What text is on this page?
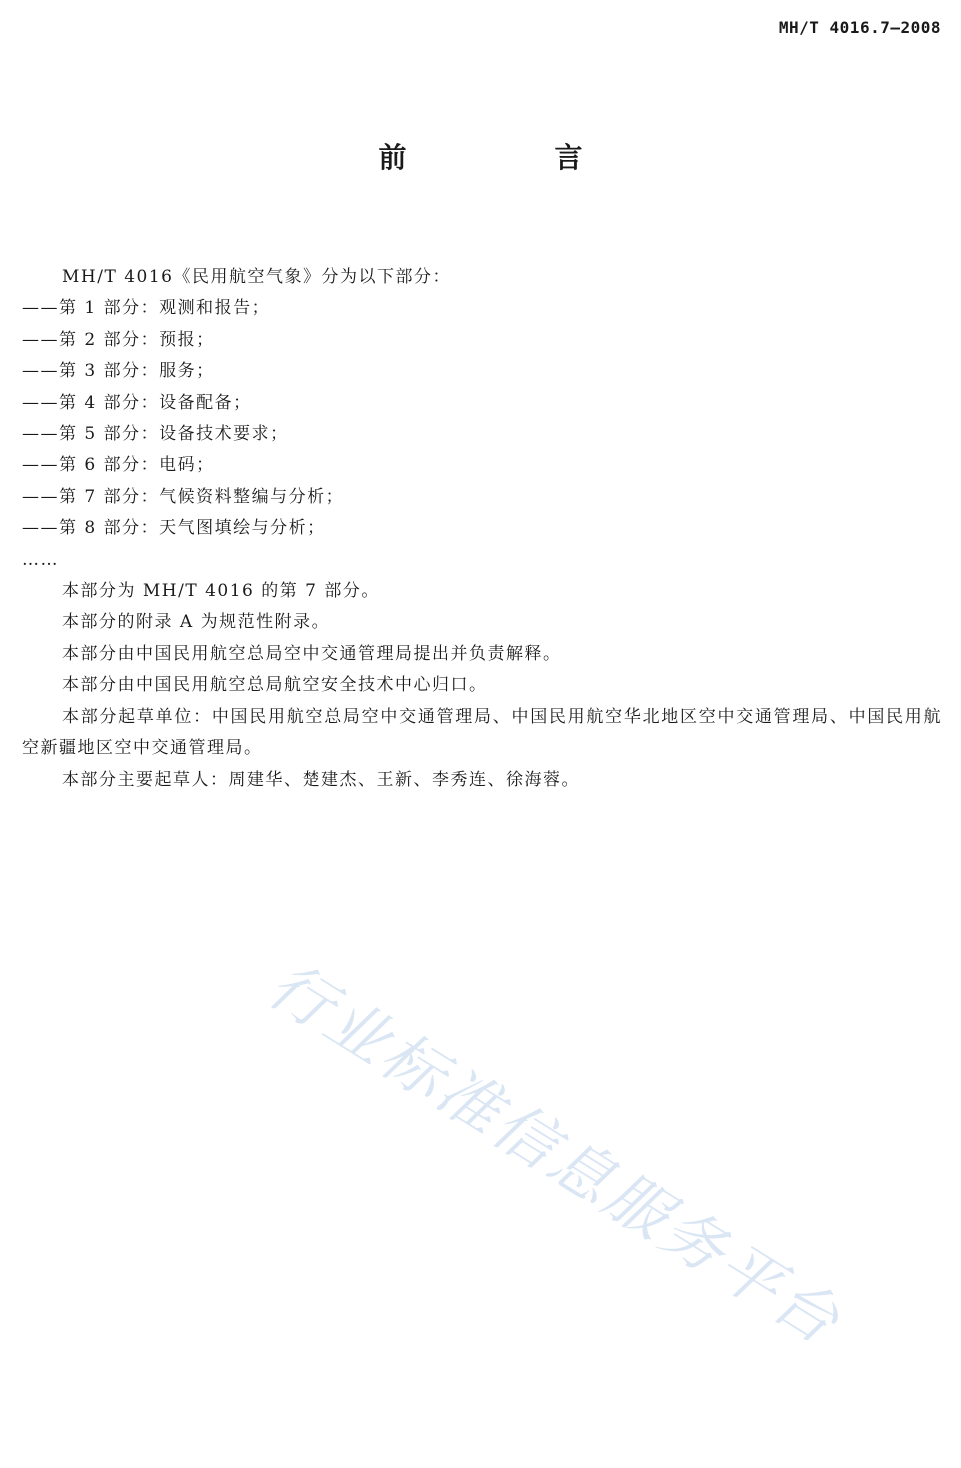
MH/T 4016.7—2008
前　言

MH/T 4016《民用航空气象》分为以下部分：

——第 1 部分：观测和报告；

——第 2 部分：预报；

——第 3 部分：服务；

——第 4 部分：设备配备；

——第 5 部分：设备技术要求；

——第 6 部分：电码；

——第 7 部分：气候资料整编与分析；

——第 8 部分：天气图填绘与分析；

……

本部分为 MH/T 4016 的第 7 部分。

本部分的附录 A 为规范性附录。

本部分由中国民用航空总局空中交通管理局提出并负责解释。

本部分由中国民用航空总局航空安全技术中心归口。

本部分起草单位：中国民用航空总局空中交通管理局、中国民用航空华北地区空中交通管理局、中国民用航空新疆地区空中交通管理局。

本部分主要起草人：周建华、楚建杰、王新、李秀连、徐海蓉。

行业标准信息服务平台
